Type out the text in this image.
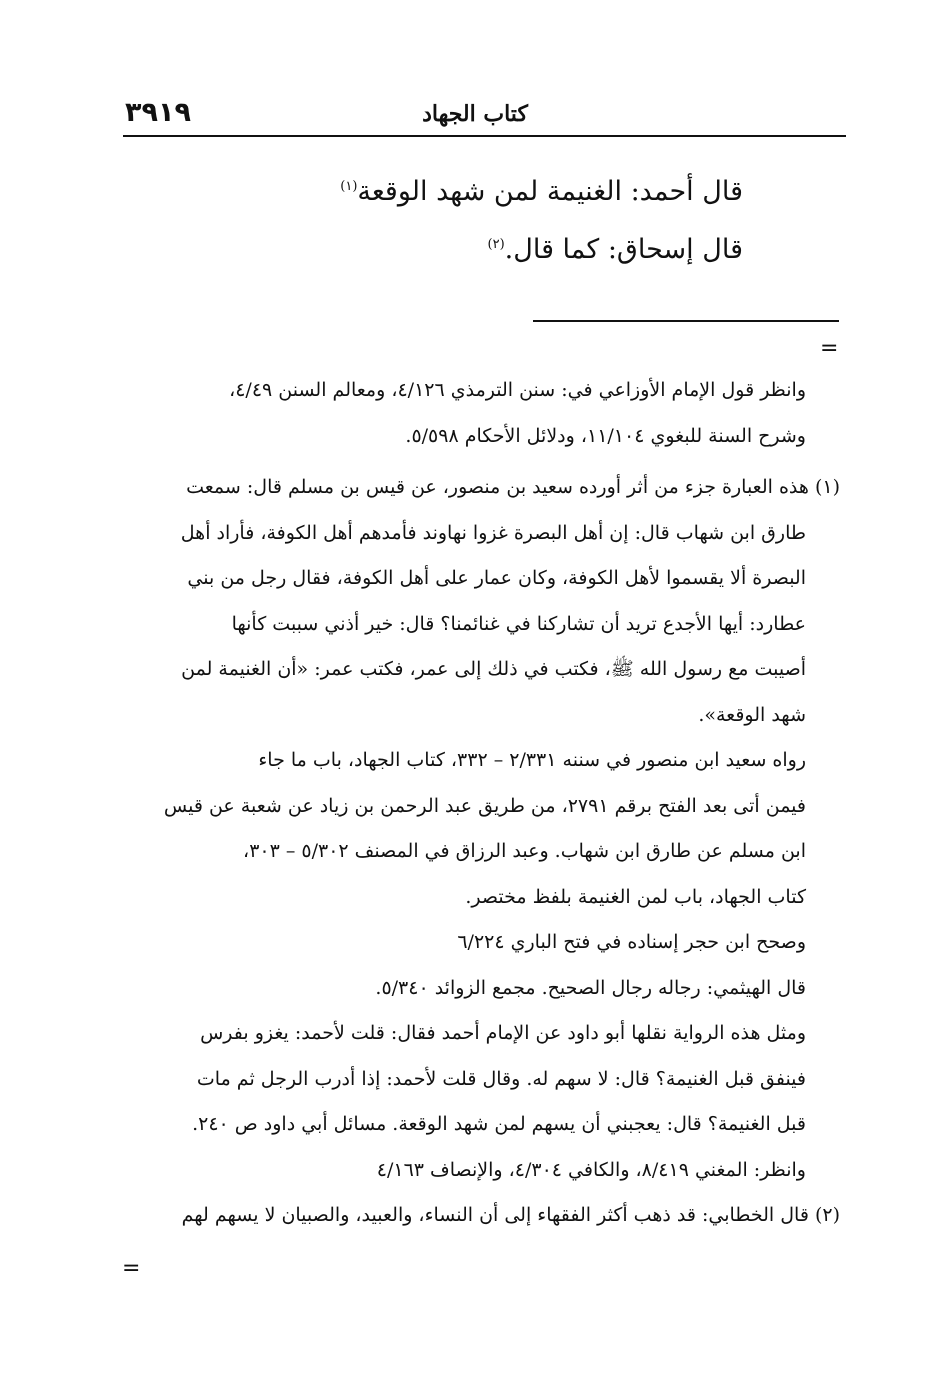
٣٩١٩	كتاب الجهاد
قال أحمد: الغنيمة لمن شهد الوقعة$^{(١)}$
قال إسحاق: كما قال.$^{(٢)}$
=
وانظر قول الإمام الأوزاعي في: سنن الترمذي ٤/١٢٦، ومعالم السنن ٤/٤٩،
وشرح السنة للبغوي ١١/١٠٤، ودلائل الأحكام ٥/٥٩٨.
(١) هذه العبارة جزء من أثر أورده سعيد بن منصور، عن قيس بن مسلم قال: سمعت
طارق ابن شهاب قال: إن أهل البصرة غزوا نهاوند فأمدهم أهل الكوفة، فأراد أهل
البصرة ألا يقسموا لأهل الكوفة، وكان عمار على أهل الكوفة، فقال رجل من بني
عطارد: أيها الأجدع تريد أن تشاركنا في غنائمنا؟ قال: خير أذني سببت كأنها
أصيبت مع رسول الله ﷺ، فكتب في ذلك إلى عمر، فكتب عمر: «أن الغنيمة لمن
شهد الوقعة».
رواه سعيد ابن منصور في سننه ٢/٣٣١ – ٣٣٢، كتاب الجهاد، باب ما جاء
فيمن أتى بعد الفتح برقم ٢٧٩١، من طريق عبد الرحمن بن زياد عن شعبة عن قيس
ابن مسلم عن طارق ابن شهاب. وعبد الرزاق في المصنف ٥/٣٠٢ – ٣٠٣،
كتاب الجهاد، باب لمن الغنيمة بلفظ مختصر.
وصحح ابن حجر إسناده في فتح الباري ٦/٢٢٤
قال الهيثمي: رجاله رجال الصحيح. مجمع الزوائد ٥/٣٤٠.
ومثل هذه الرواية نقلها أبو داود عن الإمام أحمد فقال: قلت لأحمد: يغزو بفرس
فينفق قبل الغنيمة؟ قال: لا سهم له. وقال قلت لأحمد: إذا أدرب الرجل ثم مات
قبل الغنيمة؟ قال: يعجبني أن يسهم لمن شهد الوقعة. مسائل أبي داود ص ٢٤٠.
وانظر: المغني ٨/٤١٩، والكافي ٤/٣٠٤، والإنصاف ٤/١٦٣
(٢) قال الخطابي: قد ذهب أكثر الفقهاء إلى أن النساء، والعبيد، والصبيان لا يسهم لهم
=
